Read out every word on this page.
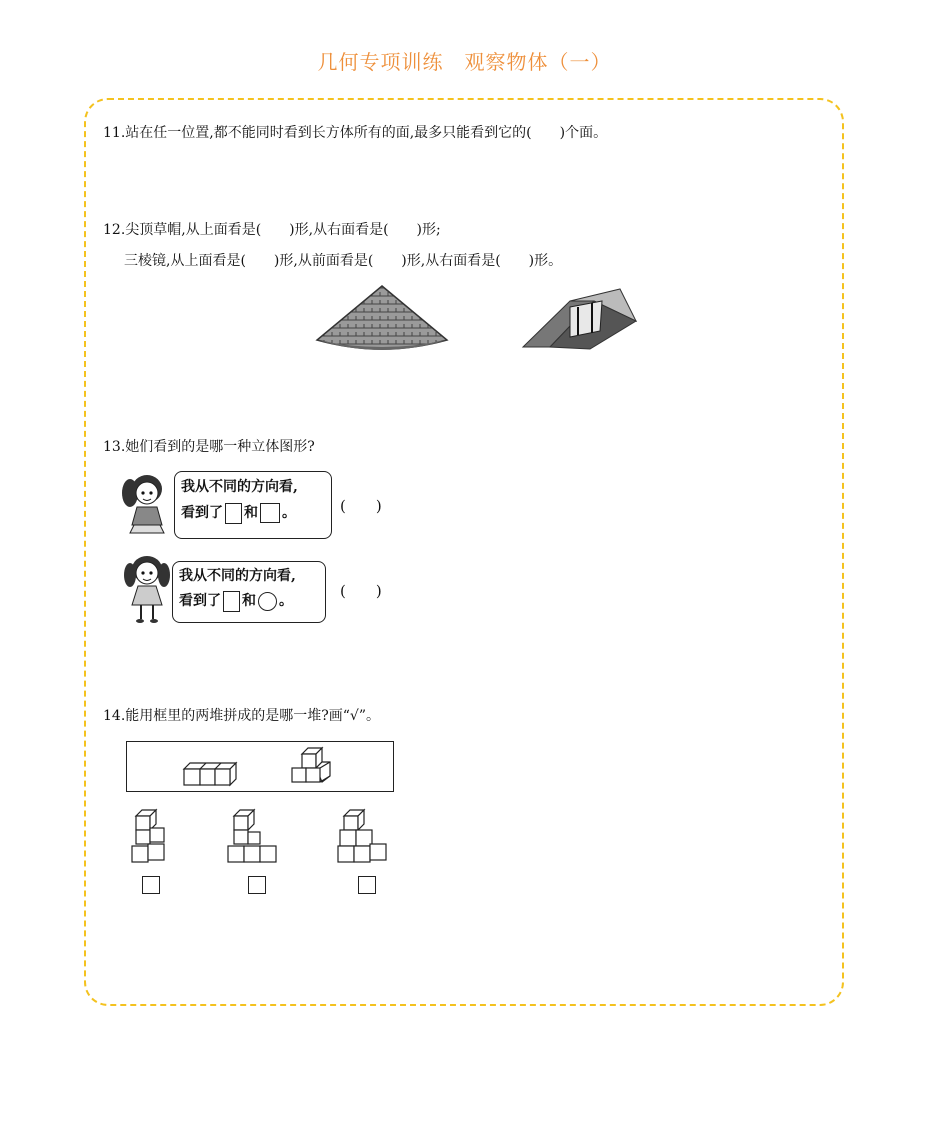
几何专项训练　观察物体（一）
11.站在任一位置,都不能同时看到长方体所有的面,最多只能看到它的(　　)个面。
12.尖顶草帽,从上面看是(　　)形,从右面看是(　　)形;
三棱镜,从上面看是(　　)形,从前面看是(　　)形,从右面看是(　　)形。
13.她们看到的是哪一种立体图形?
我从不同的方向看,
看到了 和 。	(　　)
我从不同的方向看,
看到了 和 。
(　　)
14.能用框里的两堆拼成的是哪一堆?画“√”。
